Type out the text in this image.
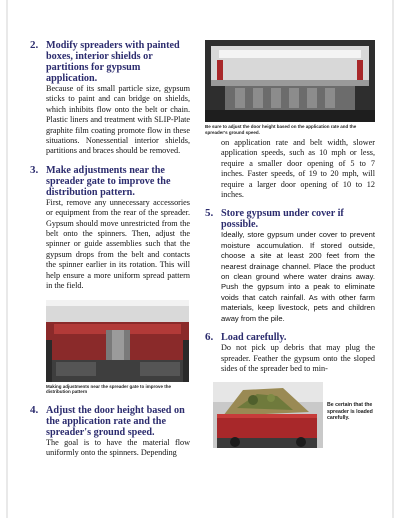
2. Modify spreaders with painted boxes, interior shields or partitions for gypsum application.
Because of its small particle size, gypsum sticks to paint and can bridge on shields, which inhibits flow onto the belt or chain. Plastic liners and treatment with SLIP-Plate graphite film coating promote flow in these situations. Nonessential interior shields, partitions and braces should be removed.
3. Make adjustments near the spreader gate to improve the distribution pattern.
First, remove any unnecessary accessories or equipment from the rear of the spreader. Gypsum should move unrestricted from the belt onto the spinners. Then, adjust the spinner or guide assemblies such that the gypsum drops from the belt and contacts the spinner earlier in its rotation. This will help ensure a more uniform spread pattern in the field.
Making adjustments near the spreader gate to improve the distribution pattern
4. Adjust the door height based on the application rate and the spreader's ground speed.
The goal is to have the material flow uniformly onto the spinners. Depending
Be sure to adjust the door height based on the application rate and the spreader's ground speed.
on application rate and belt width, slower application speeds, such as 10 mph or less, require a smaller door opening of 5 to 7 inches. Faster speeds, of 19 to 20 mph, will require a larger door opening of 10 to 12 inches.
5. Store gypsum under cover if possible.
Ideally, store gypsum under cover to prevent moisture accumulation. If stored outside, choose a site at least 200 feet from the nearest drainage channel. Place the product on clean ground where water drains away. Push the gypsum into a peak to eliminate voids that catch rainfall. As with other farm materials, keep livestock, pets and children away from the pile.
6. Load carefully.
Do not pick up debris that may plug the spreader. Feather the gypsum onto the sloped sides of the spreader bed to min-
Be certain that the spreader is loaded carefully.
